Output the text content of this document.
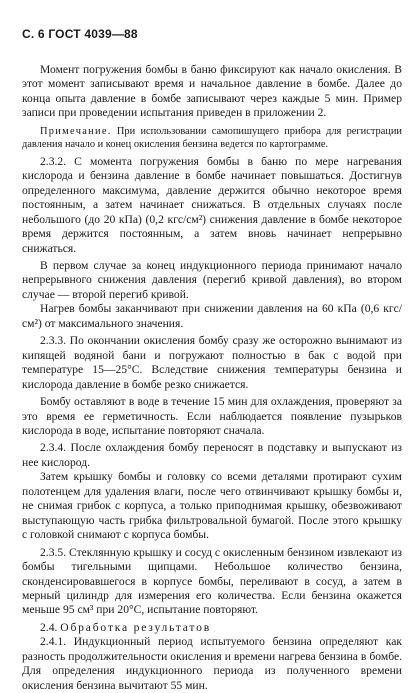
С. 6 ГОСТ 4039—88

Момент погружения бомбы в баню фиксируют как начало окисления. В этот момент записывают время и начальное давление в бомбе. Далее до конца опыта давление в бомбе записывают через каждые 5 мин. Пример записи при проведении испытания приведен в приложении 2.

Примечание. При использовании самопишущего прибора для регистрации давления начало и конец окисления бензина ведется по картограмме.

2.3.2. С момента погружения бомбы в баню по мере нагревания кислорода и бензина давление в бомбе начинает повышаться. Достигнув определенного максимума, давление держится обычно некоторое время постоянным, а затем начинает снижаться. В отдельных случаях после небольшого (до 20 кПа) (0,2 кгс/см²) снижения давление в бомбе некоторое время держится постоянным, а затем вновь начинает непрерывно снижаться.

В первом случае за конец индукционного периода принимают начало непрерывного снижения давления (перегиб кривой давления), во втором случае — второй перегиб кривой.

Нагрев бомбы заканчивают при снижении давления на 60 кПа (0,6 кгс/см²) от максимального значения.

2.3.3. По окончании окисления бомбу сразу же осторожно вынимают из кипящей водяной бани и погружают полностью в бак с водой при температуре 15—25°С. Вследствие снижения температуры бензина и кислорода давление в бомбе резко снижается.

Бомбу оставляют в воде в течение 15 мин для охлаждения, проверяют за это время ее герметичность. Если наблюдается появление пузырьков кислорода в воде, испытание повторяют сначала.

2.3.4. После охлаждения бомбу переносят в подставку и выпускают из нее кислород.

Затем крышку бомбы и головку со всеми деталями протирают сухим полотенцем для удаления влаги, после чего отвинчивают крышку бомбы и, не снимая грибок с корпуса, а только приподнимая крышку, обезвоживают выступающую часть грибка фильтровальной бумагой. После этого крышку с головкой снимают с корпуса бомбы.

2.3.5. Стеклянную крышку и сосуд с окисленным бензином извлекают из бомбы тигельными щипцами. Небольшое количество бензина, сконденсировавшегося в корпусе бомбы, переливают в сосуд, а затем в мерный цилиндр для измерения его количества. Если бензина окажется меньше 95 см³ при 20°С, испытание повторяют.

2.4. Обработка результатов

2.4.1. Индукционный период испытуемого бензина определяют как разность продолжительности окисления и времени нагрева бензина в бомбе. Для определения индукционного периода из полученного времени окисления бензина вычитают 55 мин.
